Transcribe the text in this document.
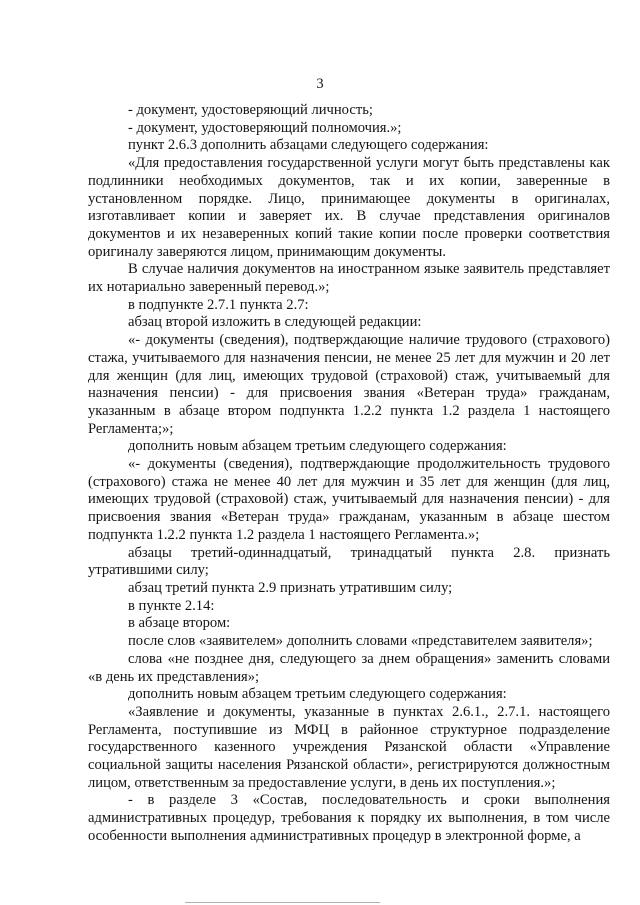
3

- документ, удостоверяющий личность;

- документ, удостоверяющий полномочия.»;

пункт 2.6.3 дополнить абзацами следующего содержания:

«Для предоставления государственной услуги могут быть представлены как подлинники необходимых документов, так и их копии, заверенные в установленном порядке. Лицо, принимающее документы в оригиналах, изготавливает копии и заверяет их. В случае представления оригиналов документов и их незаверенных копий такие копии после проверки соответствия оригиналу заверяются лицом, принимающим документы.

В случае наличия документов на иностранном языке заявитель представляет их нотариально заверенный перевод.»;

в подпункте 2.7.1 пункта 2.7:

абзац второй изложить в следующей редакции:

«- документы (сведения), подтверждающие наличие трудового (страхового) стажа, учитываемого для назначения пенсии, не менее 25 лет для мужчин и 20 лет для женщин (для лиц, имеющих трудовой (страховой) стаж, учитываемый для назначения пенсии) - для присвоения звания «Ветеран труда» гражданам, указанным в абзаце втором подпункта 1.2.2 пункта 1.2 раздела 1 настоящего Регламента;»;

дополнить новым абзацем третьим следующего содержания:

«- документы (сведения), подтверждающие продолжительность трудового (страхового) стажа не менее 40 лет для мужчин и 35 лет для женщин (для лиц, имеющих трудовой (страховой) стаж, учитываемый для назначения пенсии) - для присвоения звания «Ветеран труда» гражданам, указанным в абзаце шестом подпункта 1.2.2 пункта 1.2 раздела 1 настоящего Регламента.»;

абзацы третий-одиннадцатый, тринадцатый пункта 2.8. признать утратившими силу;

абзац третий пункта 2.9 признать утратившим силу;

в пункте 2.14:

в абзаце втором:

после слов «заявителем» дополнить словами «представителем заявителя»;

слова «не позднее дня, следующего за днем обращения» заменить словами «в день их представления»;

дополнить новым абзацем третьим следующего содержания:

«Заявление и документы, указанные в пунктах 2.6.1., 2.7.1. настоящего Регламента, поступившие из МФЦ в районное структурное подразделение государственного казенного учреждения Рязанской области «Управление социальной защиты населения Рязанской области», регистрируются должностным лицом, ответственным за предоставление услуги, в день их поступления.»;

- в разделе 3 «Состав, последовательность и сроки выполнения административных процедур, требования к порядку их выполнения, в том числе особенности выполнения административных процедур в электронной форме, а
